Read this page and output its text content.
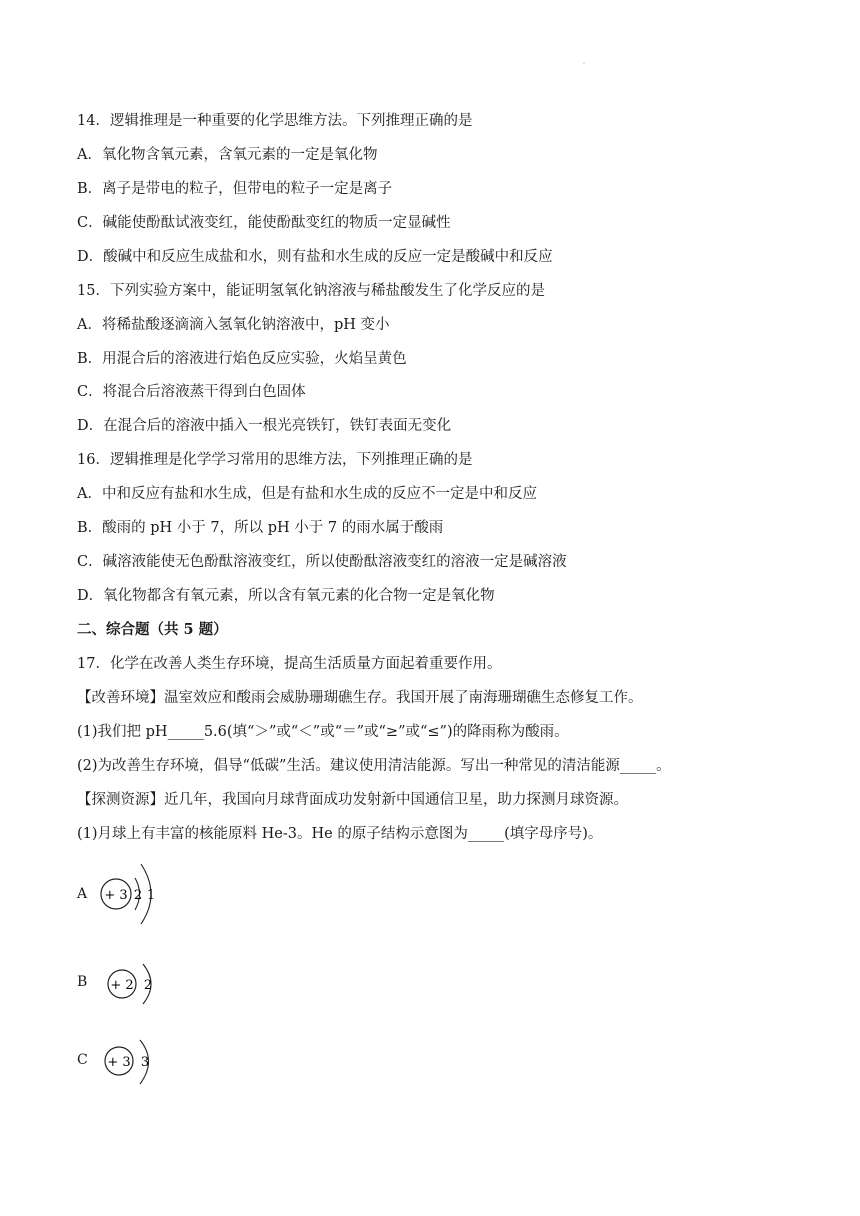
'
14．逻辑推理是一种重要的化学思维方法。下列推理正确的是
A．氧化物含氧元素，含氧元素的一定是氧化物
B．离子是带电的粒子，但带电的粒子一定是离子
C．碱能使酚酞试液变红，能使酚酞变红的物质一定显碱性
D．酸碱中和反应生成盐和水，则有盐和水生成的反应一定是酸碱中和反应
15．下列实验方案中，能证明氢氧化钠溶液与稀盐酸发生了化学反应的是
A．将稀盐酸逐滴滴入氢氧化钠溶液中，pH 变小
B．用混合后的溶液进行焰色反应实验，火焰呈黄色
C．将混合后溶液蒸干得到白色固体
D．在混合后的溶液中插入一根光亮铁钉，铁钉表面无变化
16．逻辑推理是化学学习常用的思维方法，下列推理正确的是
A．中和反应有盐和水生成，但是有盐和水生成的反应不一定是中和反应
B．酸雨的 pH 小于 7，所以 pH 小于 7 的雨水属于酸雨
C．碱溶液能使无色酚酞溶液变红，所以使酚酞溶液变红的溶液一定是碱溶液
D．氧化物都含有氧元素，所以含有氧元素的化合物一定是氧化物
二、综合题（共 5 题）
17．化学在改善人类生存环境，提高生活质量方面起着重要作用。
【改善环境】温室效应和酸雨会威胁珊瑚礁生存。我国开展了南海珊瑚礁生态修复工作。
(1)我们把 pH_____5.6(填“＞”或“＜”或“＝”或“≥”或“≤”)的降雨称为酸雨。
(2)为改善生存环境，倡导“低碳”生活。建议使用清洁能源。写出一种常见的清洁能源_____。
【探测资源】近几年，我国向月球背面成功发射新中国通信卫星，助力探测月球资源。
(1)月球上有丰富的核能原料 He-3。He 的原子结构示意图为_____(填字母序号)。
A + 3 2 1
B + 2 2
C + 3 3
